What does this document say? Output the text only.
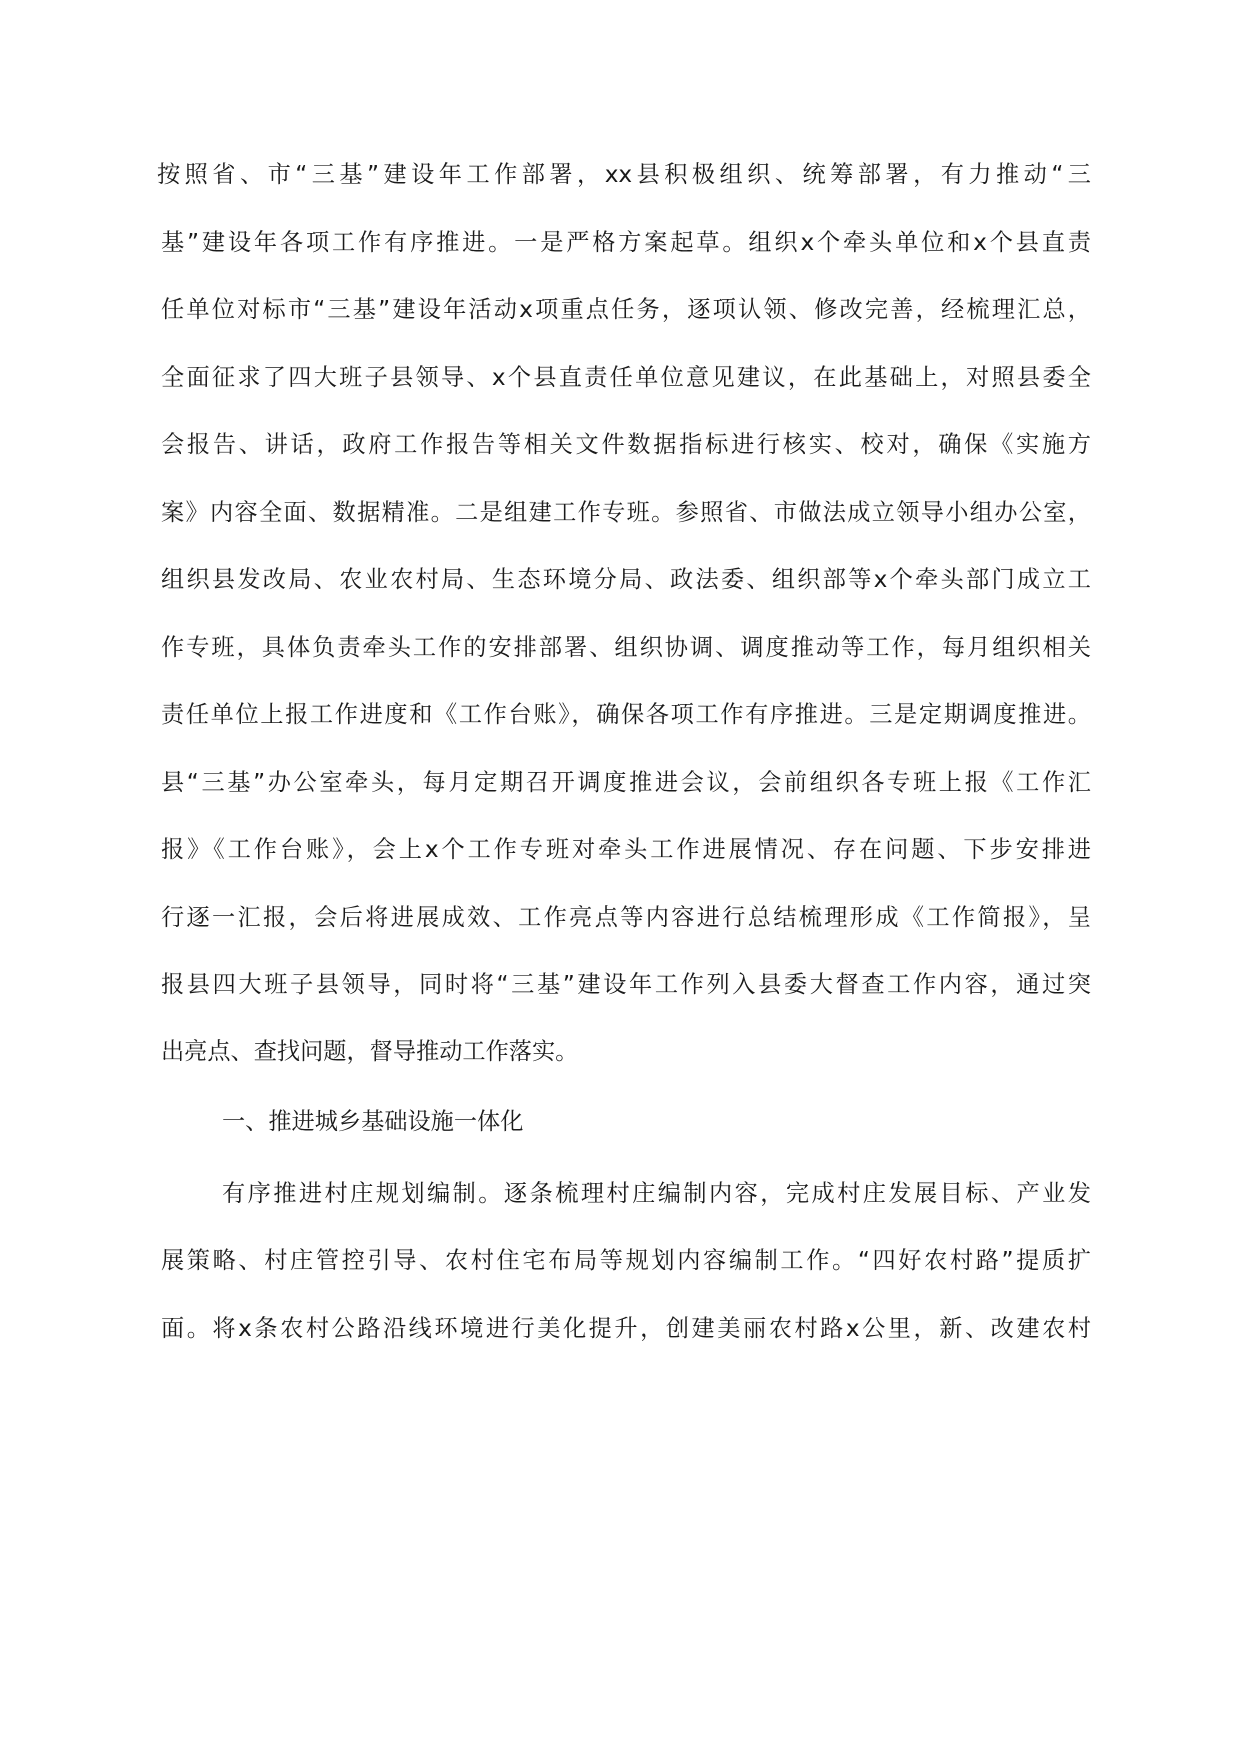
按照省、市“三基”建设年工作部署，xx县积极组织、统筹部署，有力推动“三
基”建设年各项工作有序推进。一是严格方案起草。组织x个牵头单位和x个县直责
任单位对标市“三基”建设年活动x项重点任务，逐项认领、修改完善，经梳理汇总，
全面征求了四大班子县领导、x个县直责任单位意见建议，在此基础上，对照县委全
会报告、讲话，政府工作报告等相关文件数据指标进行核实、校对，确保《实施方
案》内容全面、数据精准。二是组建工作专班。参照省、市做法成立领导小组办公室，
组织县发改局、农业农村局、生态环境分局、政法委、组织部等x个牵头部门成立工
作专班，具体负责牵头工作的安排部署、组织协调、调度推动等工作，每月组织相关
责任单位上报工作进度和《工作台账》，确保各项工作有序推进。三是定期调度推进。
县“三基”办公室牵头，每月定期召开调度推进会议，会前组织各专班上报《工作汇
报》《工作台账》，会上x个工作专班对牵头工作进展情况、存在问题、下步安排进
行逐一汇报，会后将进展成效、工作亮点等内容进行总结梳理形成《工作简报》，呈
报县四大班子县领导，同时将“三基”建设年工作列入县委大督查工作内容，通过突
出亮点、查找问题，督导推动工作落实。
一、推进城乡基础设施一体化
有序推进村庄规划编制。逐条梳理村庄编制内容，完成村庄发展目标、产业发
展策略、村庄管控引导、农村住宅布局等规划内容编制工作。“四好农村路”提质扩
面。将x条农村公路沿线环境进行美化提升，创建美丽农村路x公里，新、改建农村
